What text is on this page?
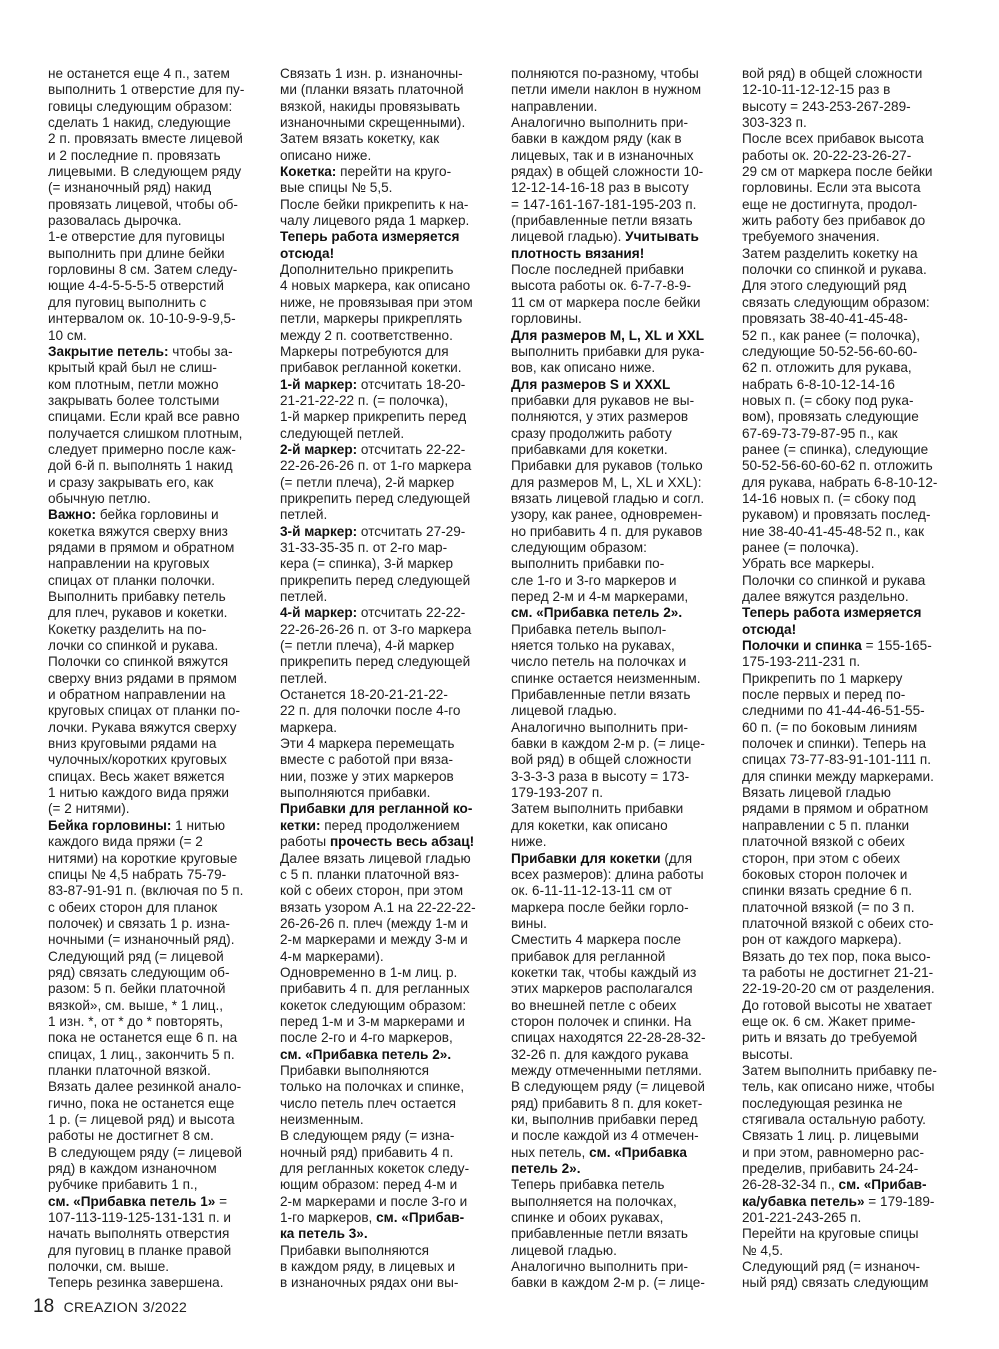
не останется еще 4 п., затем
выполнить 1 отверстие для пу-
говицы следующим образом:
сделать 1 накид, следующие
2 п. провязать вместе лицевой
и 2 последние п. провязать
лицевыми. В следующем ряду
(= изнаночный ряд) накид
провязать лицевой, чтобы об-
разовалась дырочка.
1-е отверстие для пуговицы
выполнить при длине бейки
горловины 8 см. Затем следу-
ющие 4-4-5-5-5-5 отверстий
для пуговиц выполнить с
интервалом ок. 10-10-9-9-9,5-
10 см.
Закрытие петель: чтобы за-
крытый край был не слиш-
ком плотным, петли можно
закрывать более толстыми
спицами. Если край все равно
получается слишком плотным,
следует примерно после каж-
дой 6-й п. выполнять 1 накид
и сразу закрывать его, как
обычную петлю.
Важно: бейка горловины и
кокетка вяжутся сверху вниз
рядами в прямом и обратном
направлении на круговых
спицах от планки полочки.
Выполнить прибавку петель
для плеч, рукавов и кокетки.
Кокетку разделить на по-
лочки со спинкой и рукава.
Полочки со спинкой вяжутся
сверху вниз рядами в прямом
и обратном направлении на
круговых спицах от планки по-
лочки. Рукава вяжутся сверху
вниз круговыми рядами на
чулочных/коротких круговых
спицах. Весь жакет вяжется
1 нитью каждого вида пряжи
(= 2 нитями).
Бейка горловины: 1 нитью
каждого вида пряжи (= 2
нитями) на короткие круговые
спицы № 4,5 набрать 75-79-
83-87-91-91 п. (включая по 5 п.
с обеих сторон для планок
полочек) и связать 1 р. изна-
ночными (= изнаночный ряд).
Следующий ряд (= лицевой
ряд) связать следующим об-
разом: 5 п. бейки платочной
вязкой», см. выше, * 1 лиц.,
1 изн. *, от * до * повторять,
пока не останется еще 6 п. на
спицах, 1 лиц., закончить 5 п.
планки платочной вязкой.
Вязать далее резинкой анало-
гично, пока не останется еще
1 р. (= лицевой ряд) и высота
работы не достигнет 8 см.
В следующем ряду (= лицевой
ряд) в каждом изнаночном
рубчике прибавить 1 п.,
см. «Прибавка петель 1» =
107-113-119-125-131-131 п. и
начать выполнять отверстия
для пуговиц в планке правой
полочки, см. выше.
Теперь резинка завершена.
Связать 1 изн. р. изнаночны-
ми (планки вязать платочной
вязкой, накиды провязывать
изнаночными скрещенными).
Затем вязать кокетку, как
описано ниже.
Кокетка: перейти на круго-
вые спицы № 5,5.
После бейки прикрепить к на-
чалу лицевого ряда 1 маркер.
Теперь работа измеряется
отсюда!
Дополнительно прикрепить
4 новых маркера, как описано
ниже, не провязывая при этом
петли, маркеры прикреплять
между 2 п. соответственно.
Маркеры потребуются для
прибавок регланной кокетки.
1-й маркер: отсчитать 18-20-
21-21-22-22 п. (= полочка),
1-й маркер прикрепить перед
следующей петлей.
2-й маркер: отсчитать 22-22-
22-26-26-26 п. от 1-го маркера
(= петли плеча), 2-й маркер
прикрепить перед следующей
петлей.
3-й маркер: отсчитать 27-29-
31-33-35-35 п. от 2-го мар-
кера (= спинка), 3-й маркер
прикрепить перед следующей
петлей.
4-й маркер: отсчитать 22-22-
22-26-26-26 п. от 3-го маркера
(= петли плеча), 4-й маркер
прикрепить перед следующей
петлей.
Останется 18-20-21-21-22-
22 п. для полочки после 4-го
маркера.
Эти 4 маркера перемещать
вместе с работой при вяза-
нии, позже у этих маркеров
выполняются прибавки.
Прибавки для регланной ко-
кетки: перед продолжением
работы прочесть весь абзац!
Далее вязать лицевой гладью
с 5 п. планки платочной вяз-
кой с обеих сторон, при этом
вязать узором А.1 на 22-22-22-
26-26-26 п. плеч (между 1-м и
2-м маркерами и между 3-м и
4-м маркерами).
Одновременно в 1-м лиц. р.
прибавить 4 п. для регланных
кокеток следующим образом:
перед 1-м и 3-м маркерами и
после 2-го и 4-го маркеров,
см. «Прибавка петель 2».
Прибавки выполняются
только на полочках и спинке,
число петель плеч остается
неизменным.
В следующем ряду (= изна-
ночный ряд) прибавить 4 п.
для регланных кокеток следу-
ющим образом: перед 4-м и
2-м маркерами и после 3-го и
1-го маркеров, см. «Прибав-
ка петель 3».
Прибавки выполняются
в каждом ряду, в лицевых и
в изнаночных рядах они вы-
полняются по-разному, чтобы
петли имели наклон в нужном
направлении.
Аналогично выполнить при-
бавки в каждом ряду (как в
лицевых, так и в изнаночных
рядах) в общей сложности 10-
12-12-14-16-18 раз в высоту
= 147-161-167-181-195-203 п.
(прибавленные петли вязать
лицевой гладью). Учитывать
плотность вязания!
После последней прибавки
высота работы ок. 6-7-7-8-9-
11 см от маркера после бейки
горловины.
Для размеров M, L, XL и XXL
выполнить прибавки для рука-
вов, как описано ниже.
Для размеров S и XXXL
прибавки для рукавов не вы-
полняются, у этих размеров
сразу продолжить работу
прибавками для кокетки.
Прибавки для рукавов (только
для размеров M, L, XL и XXL):
вязать лицевой гладью и согл.
узору, как ранее, одновремен-
но прибавить 4 п. для рукавов
следующим образом:
выполнить прибавки по-
сле 1-го и 3-го маркеров и
перед 2-м и 4-м маркерами,
см. «Прибавка петель 2».
Прибавка петель выпол-
няется только на рукавах,
число петель на полочках и
спинке остается неизменным.
Прибавленные петли вязать
лицевой гладью.
Аналогично выполнить при-
бавки в каждом 2-м р. (= лице-
вой ряд) в общей сложности
3-3-3-3 раза в высоту = 173-
179-193-207 п.
Затем выполнить прибавки
для кокетки, как описано
ниже.
Прибавки для кокетки (для
всех размеров): длина работы
ок. 6-11-11-12-13-11 см от
маркера после бейки горло-
вины.
Сместить 4 маркера после
прибавок для регланной
кокетки так, чтобы каждый из
этих маркеров располагался
во внешней петле с обеих
сторон полочек и спинки. На
спицах находятся 22-28-28-32-
32-26 п. для каждого рукава
между отмеченными петлями.
В следующем ряду (= лицевой
ряд) прибавить 8 п. для кокет-
ки, выполнив прибавки перед
и после каждой из 4 отмечен-
ных петель, см. «Прибавка
петель 2».
Теперь прибавка петель
выполняется на полочках,
спинке и обоих рукавах,
прибавленные петли вязать
лицевой гладью.
Аналогично выполнить при-
бавки в каждом 2-м р. (= лице-
вой ряд) в общей сложности
12-10-11-12-12-15 раз в
высоту = 243-253-267-289-
303-323 п.
После всех прибавок высота
работы ок. 20-22-23-26-27-
29 см от маркера после бейки
горловины. Если эта высота
еще не достигнута, продол-
жить работу без прибавок до
требуемого значения.
Затем разделить кокетку на
полочки со спинкой и рукава.
Для этого следующий ряд
связать следующим образом:
провязать 38-40-41-45-48-
52 п., как ранее (= полочка),
следующие 50-52-56-60-60-
62 п. отложить для рукава,
набрать 6-8-10-12-14-16
новых п. (= сбоку под рука-
вом), провязать следующие
67-69-73-79-87-95 п., как
ранее (= спинка), следующие
50-52-56-60-60-62 п. отложить
для рукава, набрать 6-8-10-12-
14-16 новых п. (= сбоку под
рукавом) и провязать послед-
ние 38-40-41-45-48-52 п., как
ранее (= полочка).
Убрать все маркеры.
Полочки со спинкой и рукава
далее вяжутся раздельно.
Теперь работа измеряется
отсюда!
Полочки и спинка = 155-165-
175-193-211-231 п.
Прикрепить по 1 маркеру
после первых и перед по-
следними по 41-44-46-51-55-
60 п. (= по боковым линиям
полочек и спинки). Теперь на
спицах 73-77-83-91-101-111 п.
для спинки между маркерами.
Вязать лицевой гладью
рядами в прямом и обратном
направлении с 5 п. планки
платочной вязкой с обеих
сторон, при этом с обеих
боковых сторон полочек и
спинки вязать средние 6 п.
платочной вязкой (= по 3 п.
платочной вязкой с обеих сто-
рон от каждого маркера).
Вязать до тех пор, пока высо-
та работы не достигнет 21-21-
22-19-20-20 см от разделения.
До готовой высоты не хватает
еще ок. 6 см. Жакет приме-
рить и вязать до требуемой
высоты.
Затем выполнить прибавку пе-
тель, как описано ниже, чтобы
последующая резинка не
стягивала остальную работу.
Связать 1 лиц. р. лицевыми
и при этом, равномерно рас-
пределив, прибавить 24-24-
26-28-32-34 п., см. «Прибав-
ка/убавка петель» = 179-189-
201-221-243-265 п.
Перейти на круговые спицы
№ 4,5.
Следующий ряд (= изнаноч-
ный ряд) связать следующим
18 CREAZION 3/2022
